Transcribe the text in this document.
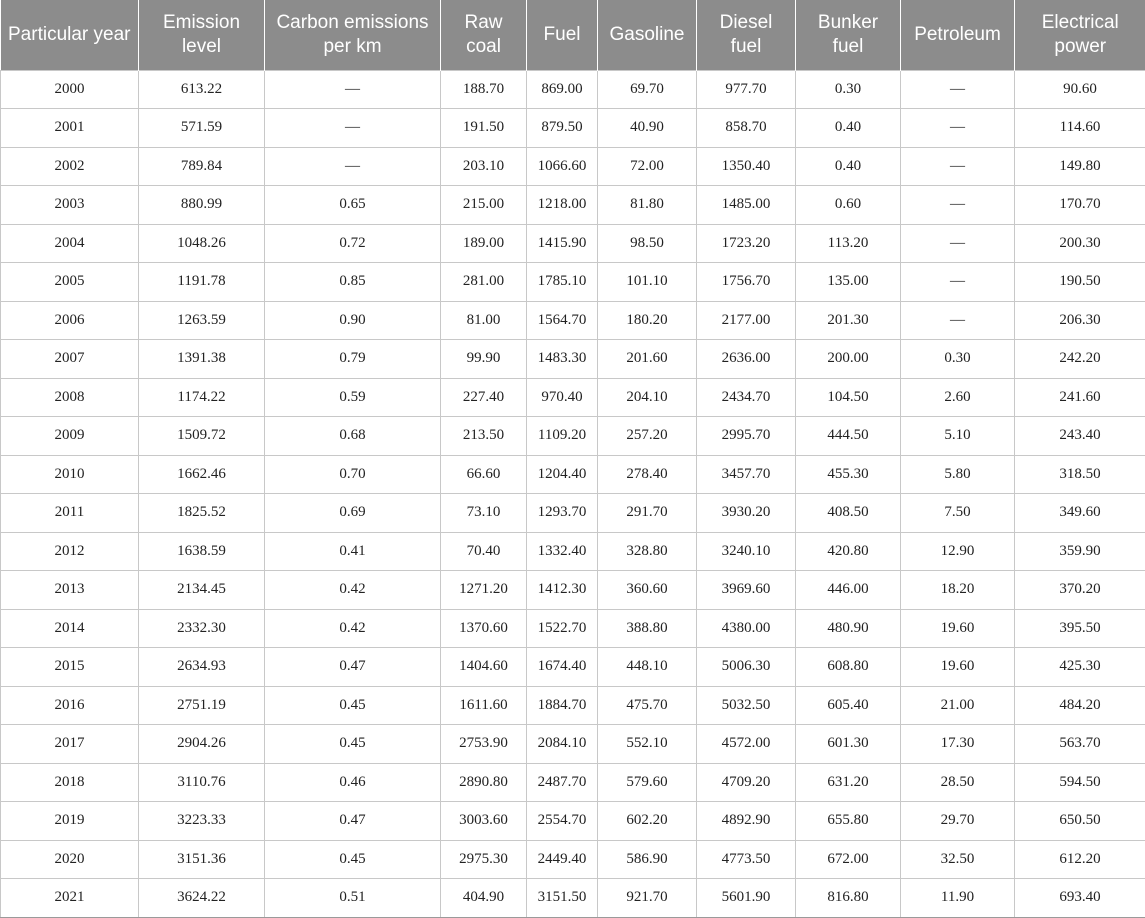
Particular year	Emission level	Carbon emissions per km	Raw coal	Fuel	Gasoline	Diesel fuel	Bunker fuel	Petroleum	Electrical power
2000	613.22	—	188.70	869.00	69.70	977.70	0.30	—	90.60
2001	571.59	—	191.50	879.50	40.90	858.70	0.40	—	114.60
2002	789.84	—	203.10	1066.60	72.00	1350.40	0.40	—	149.80
2003	880.99	0.65	215.00	1218.00	81.80	1485.00	0.60	—	170.70
2004	1048.26	0.72	189.00	1415.90	98.50	1723.20	113.20	—	200.30
2005	1191.78	0.85	281.00	1785.10	101.10	1756.70	135.00	—	190.50
2006	1263.59	0.90	81.00	1564.70	180.20	2177.00	201.30	—	206.30
2007	1391.38	0.79	99.90	1483.30	201.60	2636.00	200.00	0.30	242.20
2008	1174.22	0.59	227.40	970.40	204.10	2434.70	104.50	2.60	241.60
2009	1509.72	0.68	213.50	1109.20	257.20	2995.70	444.50	5.10	243.40
2010	1662.46	0.70	66.60	1204.40	278.40	3457.70	455.30	5.80	318.50
2011	1825.52	0.69	73.10	1293.70	291.70	3930.20	408.50	7.50	349.60
2012	1638.59	0.41	70.40	1332.40	328.80	3240.10	420.80	12.90	359.90
2013	2134.45	0.42	1271.20	1412.30	360.60	3969.60	446.00	18.20	370.20
2014	2332.30	0.42	1370.60	1522.70	388.80	4380.00	480.90	19.60	395.50
2015	2634.93	0.47	1404.60	1674.40	448.10	5006.30	608.80	19.60	425.30
2016	2751.19	0.45	1611.60	1884.70	475.70	5032.50	605.40	21.00	484.20
2017	2904.26	0.45	2753.90	2084.10	552.10	4572.00	601.30	17.30	563.70
2018	3110.76	0.46	2890.80	2487.70	579.60	4709.20	631.20	28.50	594.50
2019	3223.33	0.47	3003.60	2554.70	602.20	4892.90	655.80	29.70	650.50
2020	3151.36	0.45	2975.30	2449.40	586.90	4773.50	672.00	32.50	612.20
2021	3624.22	0.51	404.90	3151.50	921.70	5601.90	816.80	11.90	693.40
